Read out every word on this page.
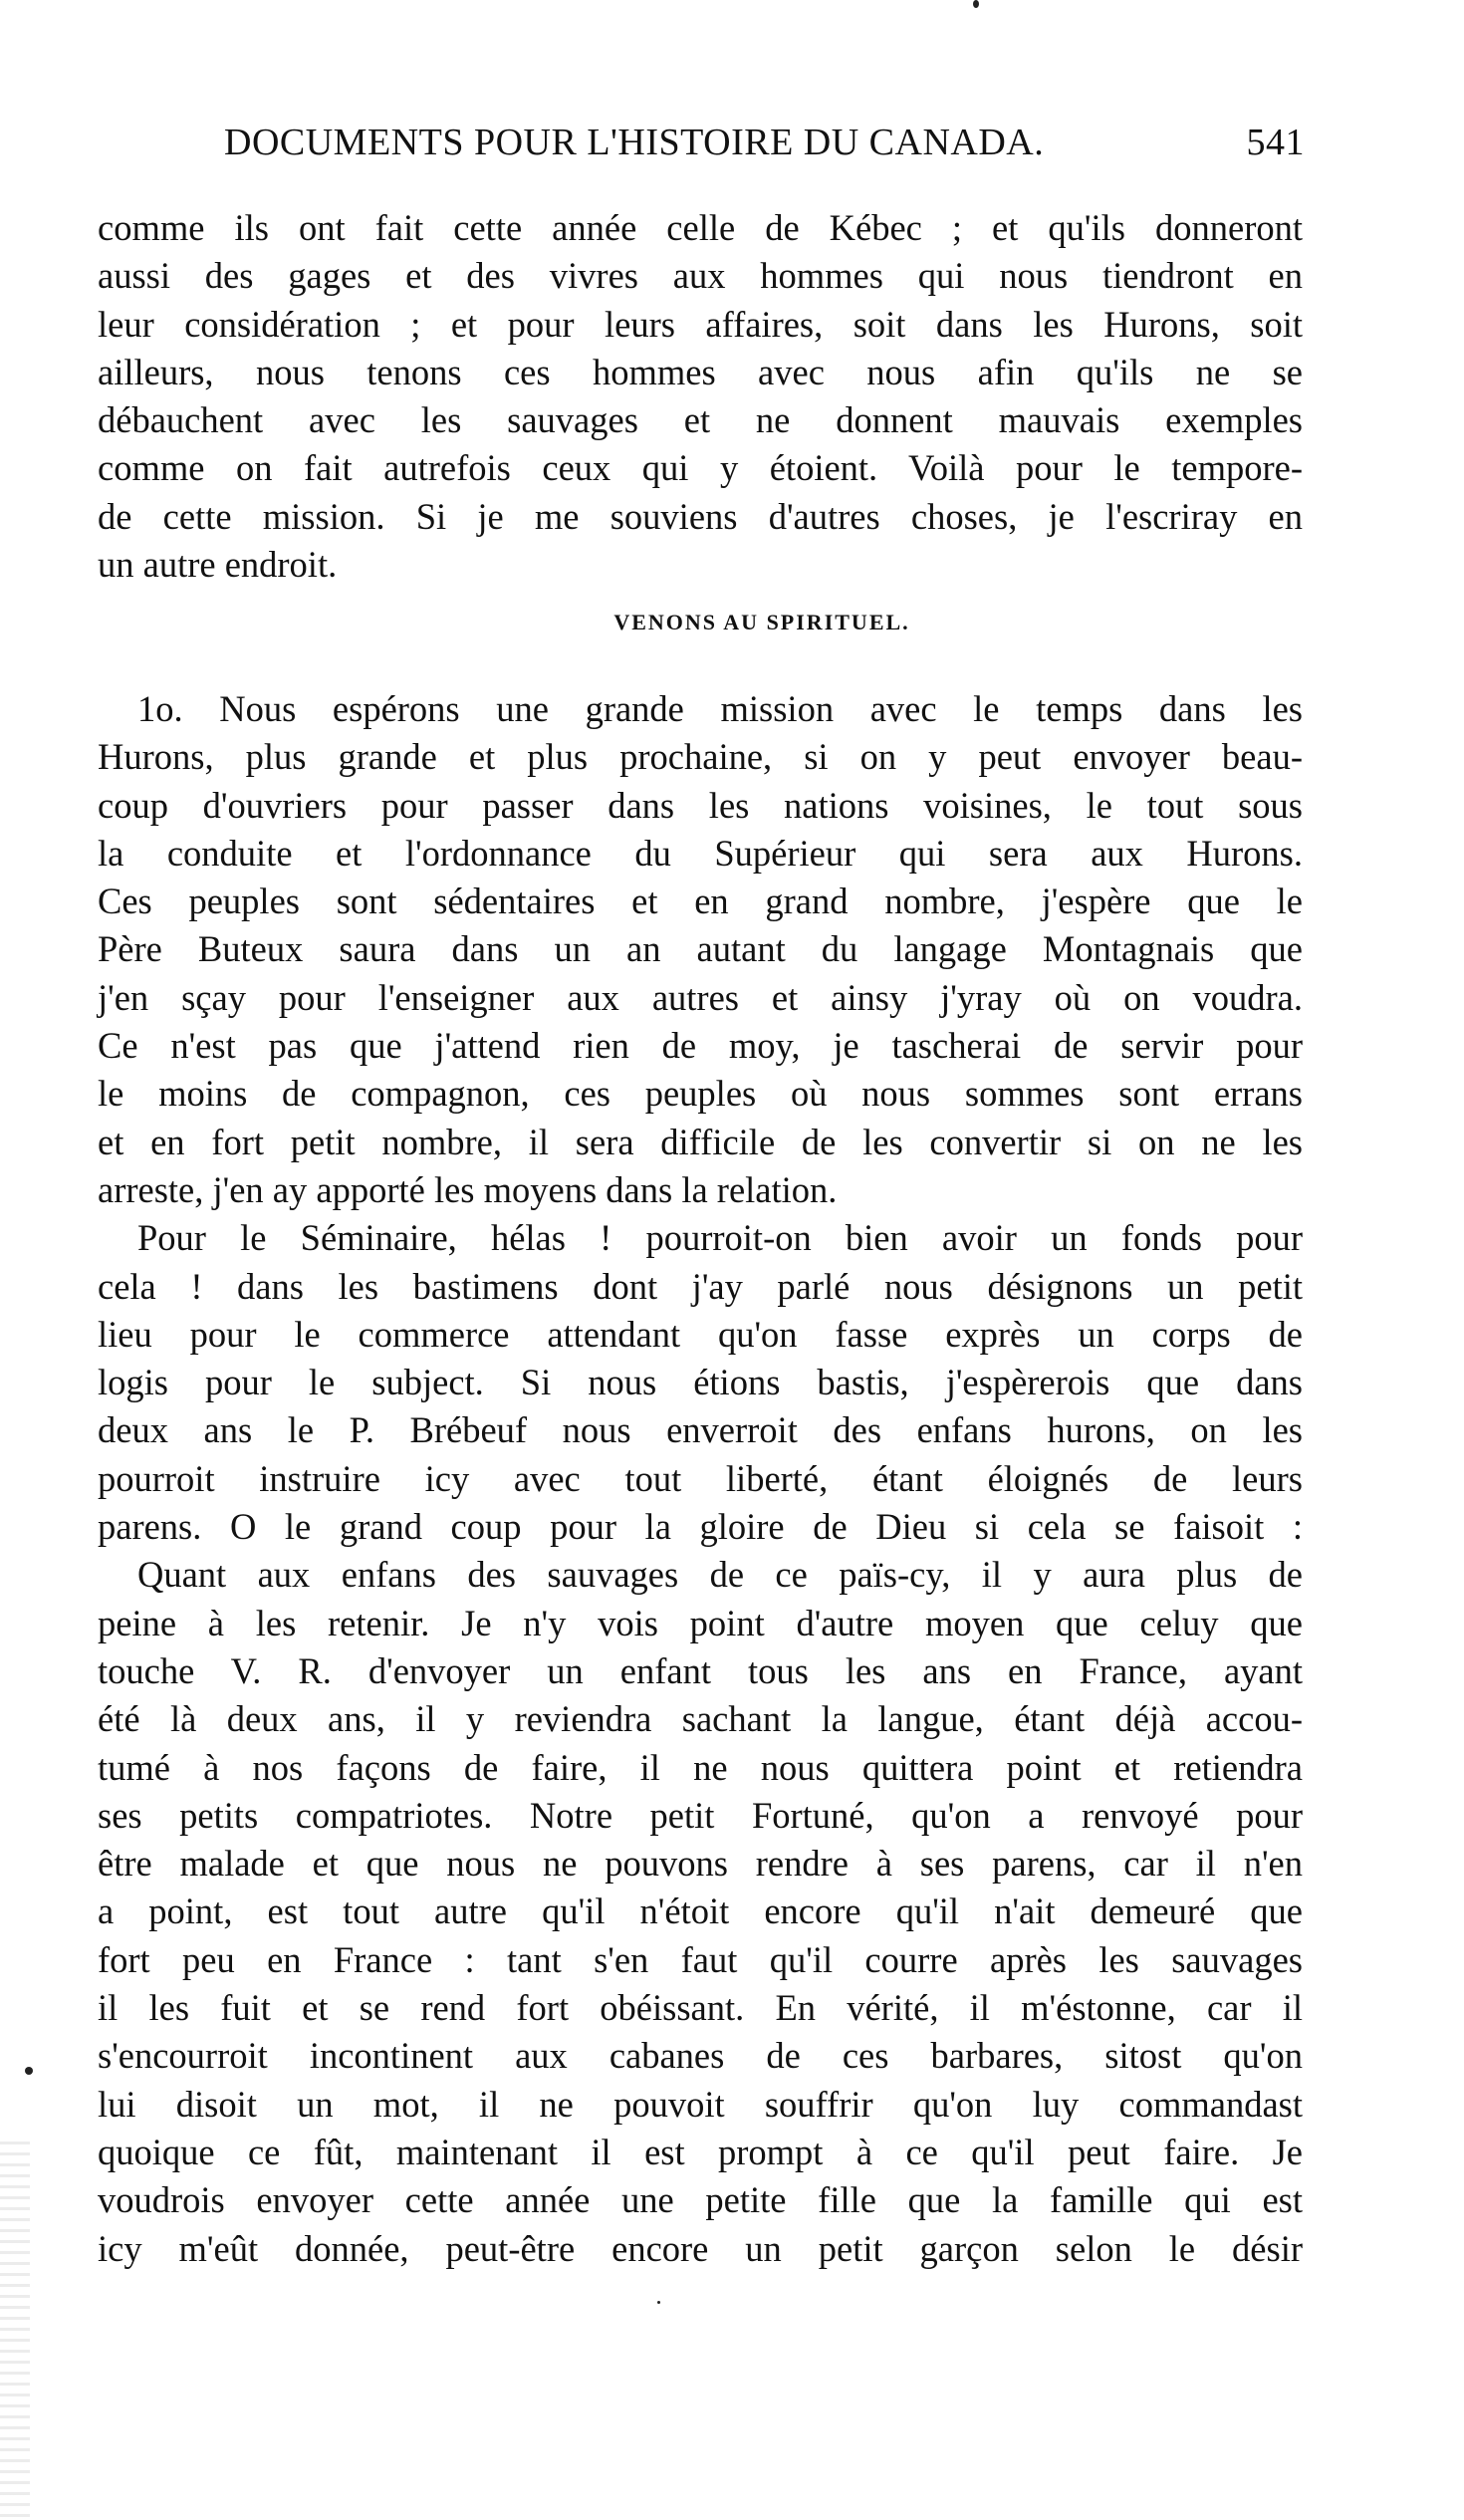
DOCUMENTS POUR L'HISTOIRE DU CANADA.	541
comme ils ont fait cette année celle de Kébec ; et qu'ils donneront
aussi des gages et des vivres aux hommes qui nous tiendront en
leur considération ; et pour leurs affaires, soit dans les Hurons, soit
ailleurs, nous tenons ces hommes avec nous afin qu'ils ne se
débauchent avec les sauvages et ne donnent mauvais exemples
comme on fait autrefois ceux qui y étoient. Voilà pour le tempore-
de cette mission. Si je me souviens d'autres choses, je l'escriray en
un autre endroit.
VENONS AU SPIRITUEL.
1o. Nous espérons une grande mission avec le temps dans les
Hurons, plus grande et plus prochaine, si on y peut envoyer beau-
coup d'ouvriers pour passer dans les nations voisines, le tout sous
la conduite et l'ordonnance du Supérieur qui sera aux Hurons.
Ces peuples sont sédentaires et en grand nombre, j'espère que le
Père Buteux saura dans un an autant du langage Montagnais que
j'en sçay pour l'enseigner aux autres et ainsy j'yray où on voudra.
Ce n'est pas que j'attend rien de moy, je tascherai de servir pour
le moins de compagnon, ces peuples où nous sommes sont errans
et en fort petit nombre, il sera difficile de les convertir si on ne les
arreste, j'en ay apporté les moyens dans la relation.
Pour le Séminaire, hélas ! pourroit-on bien avoir un fonds pour
cela ! dans les bastimens dont j'ay parlé nous désignons un petit
lieu pour le commerce attendant qu'on fasse exprès un corps de
logis pour le subject. Si nous étions bastis, j'espèrerois que dans
deux ans le P. Brébeuf nous enverroit des enfans hurons, on les
pourroit instruire icy avec tout liberté, étant éloignés de leurs
parens. O le grand coup pour la gloire de Dieu si cela se faisoit :
Quant aux enfans des sauvages de ce païs-cy, il y aura plus de
peine à les retenir. Je n'y vois point d'autre moyen que celuy que
touche V. R. d'envoyer un enfant tous les ans en France, ayant
été là deux ans, il y reviendra sachant la langue, étant déjà accou-
tumé à nos façons de faire, il ne nous quittera point et retiendra
ses petits compatriotes. Notre petit Fortuné, qu'on a renvoyé pour
être malade et que nous ne pouvons rendre à ses parens, car il n'en
a point, est tout autre qu'il n'étoit encore qu'il n'ait demeuré que
fort peu en France : tant s'en faut qu'il courre après les sauvages
il les fuit et se rend fort obéissant. En vérité, il m'éstonne, car il
s'encourroit incontinent aux cabanes de ces barbares, sitost qu'on
lui disoit un mot, il ne pouvoit souffrir qu'on luy commandast
quoique ce fût, maintenant il est prompt à ce qu'il peut faire. Je
voudrois envoyer cette année une petite fille que la famille qui est
icy m'eût donnée, peut-être encore un petit garçon selon le désir
